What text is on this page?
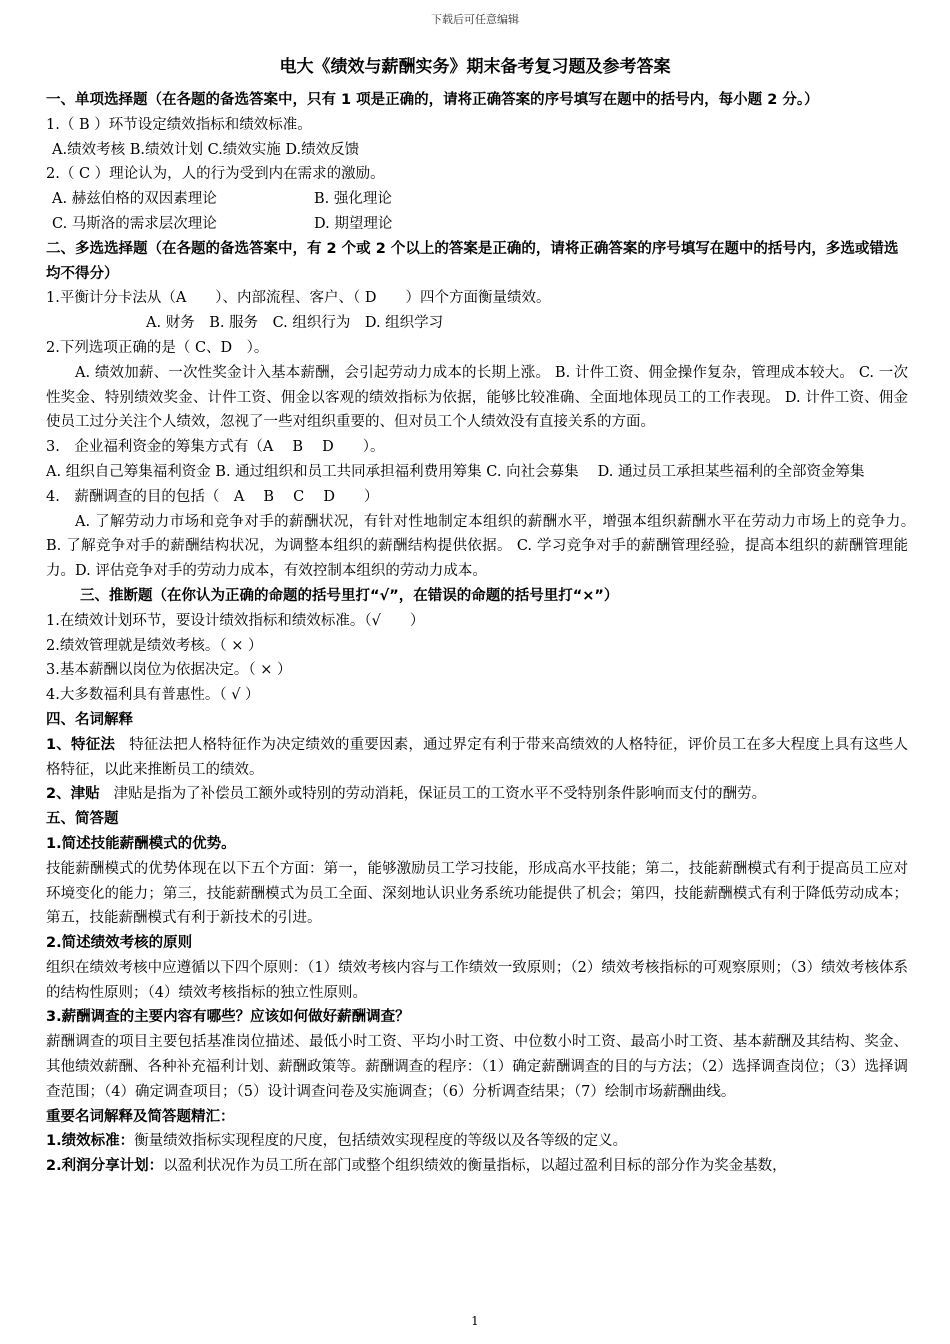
下载后可任意编辑
电大《绩效与薪酬实务》期末备考复习题及参考答案

一、单项选择题（在各题的备选答案中，只有 1 项是正确的，请将正确答案的序号填写在题中的括号内，每小题 2 分。）

1.（ B ）环节设定绩效指标和绩效标准。

A.绩效考核 B.绩效计划 C.绩效实施 D.绩效反馈

2.（ C ）理论认为，人的行为受到内在需求的激励。

A. 赫兹伯格的双因素理论	B. 强化理论

C. 马斯洛的需求层次理论	D. 期望理论

二、多选选择题（在各题的备选答案中，有 2 个或 2 个以上的答案是正确的，请将正确答案的序号填写在题中的括号内，多选或错选均不得分）

1.平衡计分卡法从（A　　）、内部流程、客户、（ D　　）四个方面衡量绩效。

A. 财务　B. 服务　C. 组织行为　D. 组织学习

2.下列选项正确的是（ C、D　）。

A. 绩效加薪、一次性奖金计入基本薪酬，会引起劳动力成本的长期上涨。 B. 计件工资、佣金操作复杂，管理成本较大。 C. 一次性奖金、特别绩效奖金、计件工资、佣金以客观的绩效指标为依据，能够比较准确、全面地体现员工的工作表现。 D. 计件工资、佣金使员工过分关注个人绩效，忽视了一些对组织重要的、但对员工个人绩效没有直接关系的方面。

3.　企业福利资金的筹集方式有（A　 B　 D　　）。

A. 组织自己筹集福利资金 B. 通过组织和员工共同承担福利费用筹集 C. 向社会募集　 D. 通过员工承担某些福利的全部资金筹集

4.　薪酬调查的目的包括（　A　 B　 C　 D　　）

A. 了解劳动力市场和竞争对手的薪酬状况，有针对性地制定本组织的薪酬水平，增强本组织薪酬水平在劳动力市场上的竞争力。　B. 了解竞争对手的薪酬结构状况，为调整本组织的薪酬结构提供依据。 C. 学习竞争对手的薪酬管理经验，提高本组织的薪酬管理能力。D. 评估竞争对手的劳动力成本，有效控制本组织的劳动力成本。

三、推断题（在你认为正确的命题的括号里打“√”，在错误的命题的括号里打“×”）

1.在绩效计划环节，要设计绩效指标和绩效标准。（√　　）

2.绩效管理就是绩效考核。（ × ）

3.基本薪酬以岗位为依据决定。（ × ）

4.大多数福利具有普惠性。（ √ ）

四、名词解释

1、特征法 特征法把人格特征作为决定绩效的重要因素，通过界定有利于带来高绩效的人格特征，评价员工在多大程度上具有这些人格特征，以此来推断员工的绩效。

2、津贴 津贴是指为了补偿员工额外或特别的劳动消耗，保证员工的工资水平不受特别条件影响而支付的酬劳。

五、简答题

1.简述技能薪酬模式的优势。

技能薪酬模式的优势体现在以下五个方面：第一，能够激励员工学习技能，形成高水平技能；第二，技能薪酬模式有利于提高员工应对环境变化的能力；第三，技能薪酬模式为员工全面、深刻地认识业务系统功能提供了机会；第四，技能薪酬模式有利于降低劳动成本；第五，技能薪酬模式有利于新技术的引进。

2.简述绩效考核的原则

组织在绩效考核中应遵循以下四个原则：（1）绩效考核内容与工作绩效一致原则；（2）绩效考核指标的可观察原则；（3）绩效考核体系的结构性原则；（4）绩效考核指标的独立性原则。

3.薪酬调查的主要内容有哪些？应该如何做好薪酬调查？

薪酬调查的项目主要包括基准岗位描述、最低小时工资、平均小时工资、中位数小时工资、最高小时工资、基本薪酬及其结构、奖金、其他绩效薪酬、各种补充福利计划、薪酬政策等。薪酬调查的程序：（1）确定薪酬调查的目的与方法；（2）选择调查岗位；（3）选择调查范围；（4）确定调查项目；（5）设计调查问卷及实施调查；（6）分析调查结果；（7）绘制市场薪酬曲线。

重要名词解释及简答题精汇：

1.绩效标准：衡量绩效指标实现程度的尺度，包括绩效实现程度的等级以及各等级的定义。

2.利润分享计划：以盈利状况作为员工所在部门或整个组织绩效的衡量指标，以超过盈利目标的部分作为奖金基数，

1
